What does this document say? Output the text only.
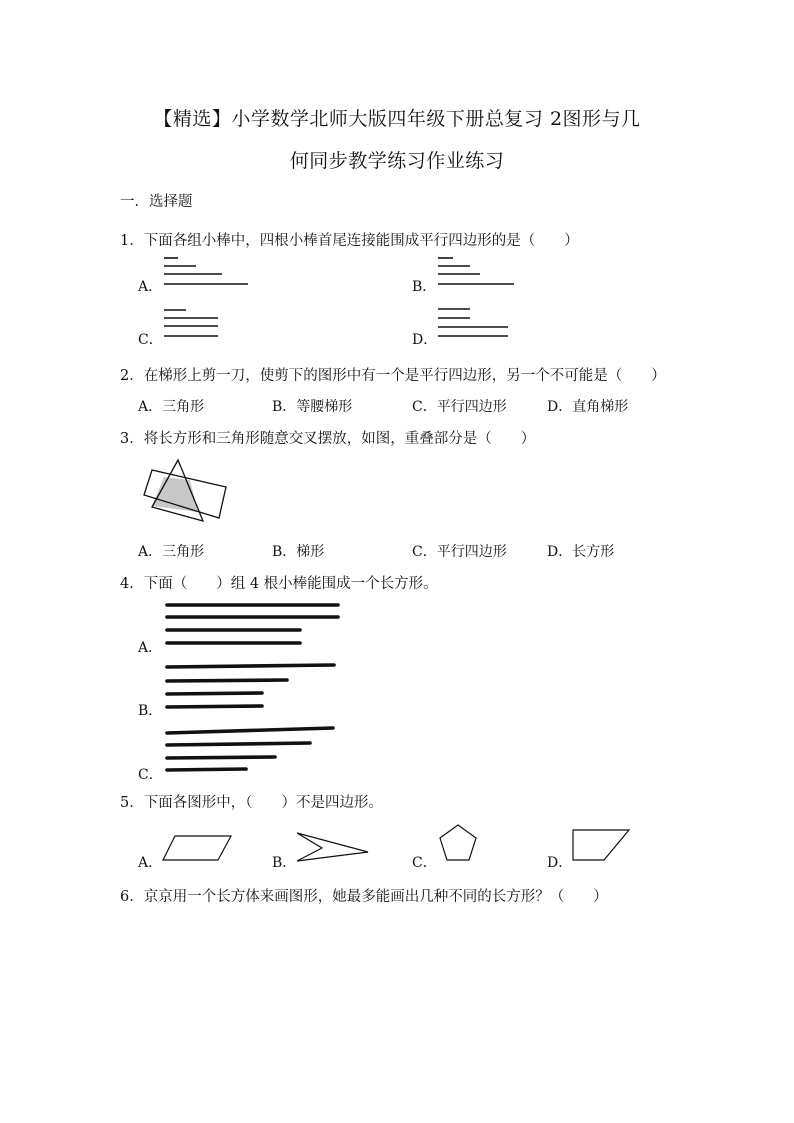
【精选】小学数学北师大版四年级下册总复习 2图形与几
何同步教学练习作业练习
一．选择题
1．下面各组小棒中，四根小棒首尾连接能围成平行四边形的是（　　）
A．	B．
C．	D．
2．在梯形上剪一刀，使剪下的图形中有一个是平行四边形，另一个不可能是（　　）
A．三角形	B．等腰梯形	C．平行四边形	D．直角梯形
3．将长方形和三角形随意交叉摆放，如图，重叠部分是（　　）
A．三角形	B．梯形	C．平行四边形	D．长方形
4．下面（　　）组 4 根小棒能围成一个长方形。
A．
B．
C．
5．下面各图形中，（　　）不是四边形。
A．	B．	C．	D．
6．京京用一个长方体来画图形，她最多能画出几种不同的长方形？（　　）
